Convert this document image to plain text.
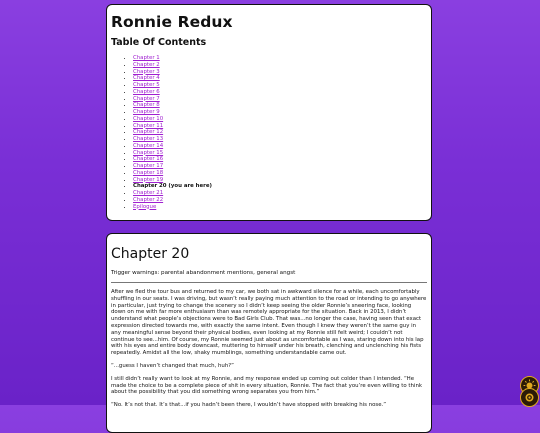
Ronnie Redux
Table Of Contents
• Chapter 1
• Chapter 2
• Chapter 3
• Chapter 4
• Chapter 5
• Chapter 6
• Chapter 7
• Chapter 8
• Chapter 9
• Chapter 10
• Chapter 11
• Chapter 12
• Chapter 13
• Chapter 14
• Chapter 15
• Chapter 16
• Chapter 17
• Chapter 18
• Chapter 19
• Chapter 20 (you are here)
• Chapter 21
• Chapter 22
• Epilogue
Chapter 20

Trigger warnings: parental abandonment mentions, general angst

After we fled the tour bus and returned to my car, we both sat in awkward silence for a while, each uncomfortably shuffling in our seats. I was driving, but wasn’t really paying much attention to the road or intending to go anywhere in particular, just trying to change the scenery so I didn’t keep seeing the older Ronnie’s sneering face, looking down on me with far more enthusiasm than was remotely appropriate for the situation. Back in 2013, I didn’t understand what people’s objections were to Bad Girls Club. That was...no longer the case, having seen that exact expression directed towards me, with exactly the same intent. Even though I knew they weren’t the same guy in any meaningful sense beyond their physical bodies, even looking at my Ronnie still felt weird; I couldn’t not continue to see...him. Of course, my Ronnie seemed just about as uncomfortable as I was, staring down into his lap with his eyes and entire body downcast, muttering to himself under his breath, clenching and unclenching his fists repeatedly. Amidst all the low, shaky mumblings, something understandable came out.

“...guess I haven’t changed that much, huh?”

I still didn’t really want to look at my Ronnie, and my response ended up coming out colder than I intended. “He made the choice to be a complete piece of shit in every situation, Ronnie. The fact that you’re even willing to think about the possibility that you did something wrong separates you from him.”

“No. It’s not that. It’s that...if you hadn’t been there, I wouldn’t have stopped with breaking his nose.”
